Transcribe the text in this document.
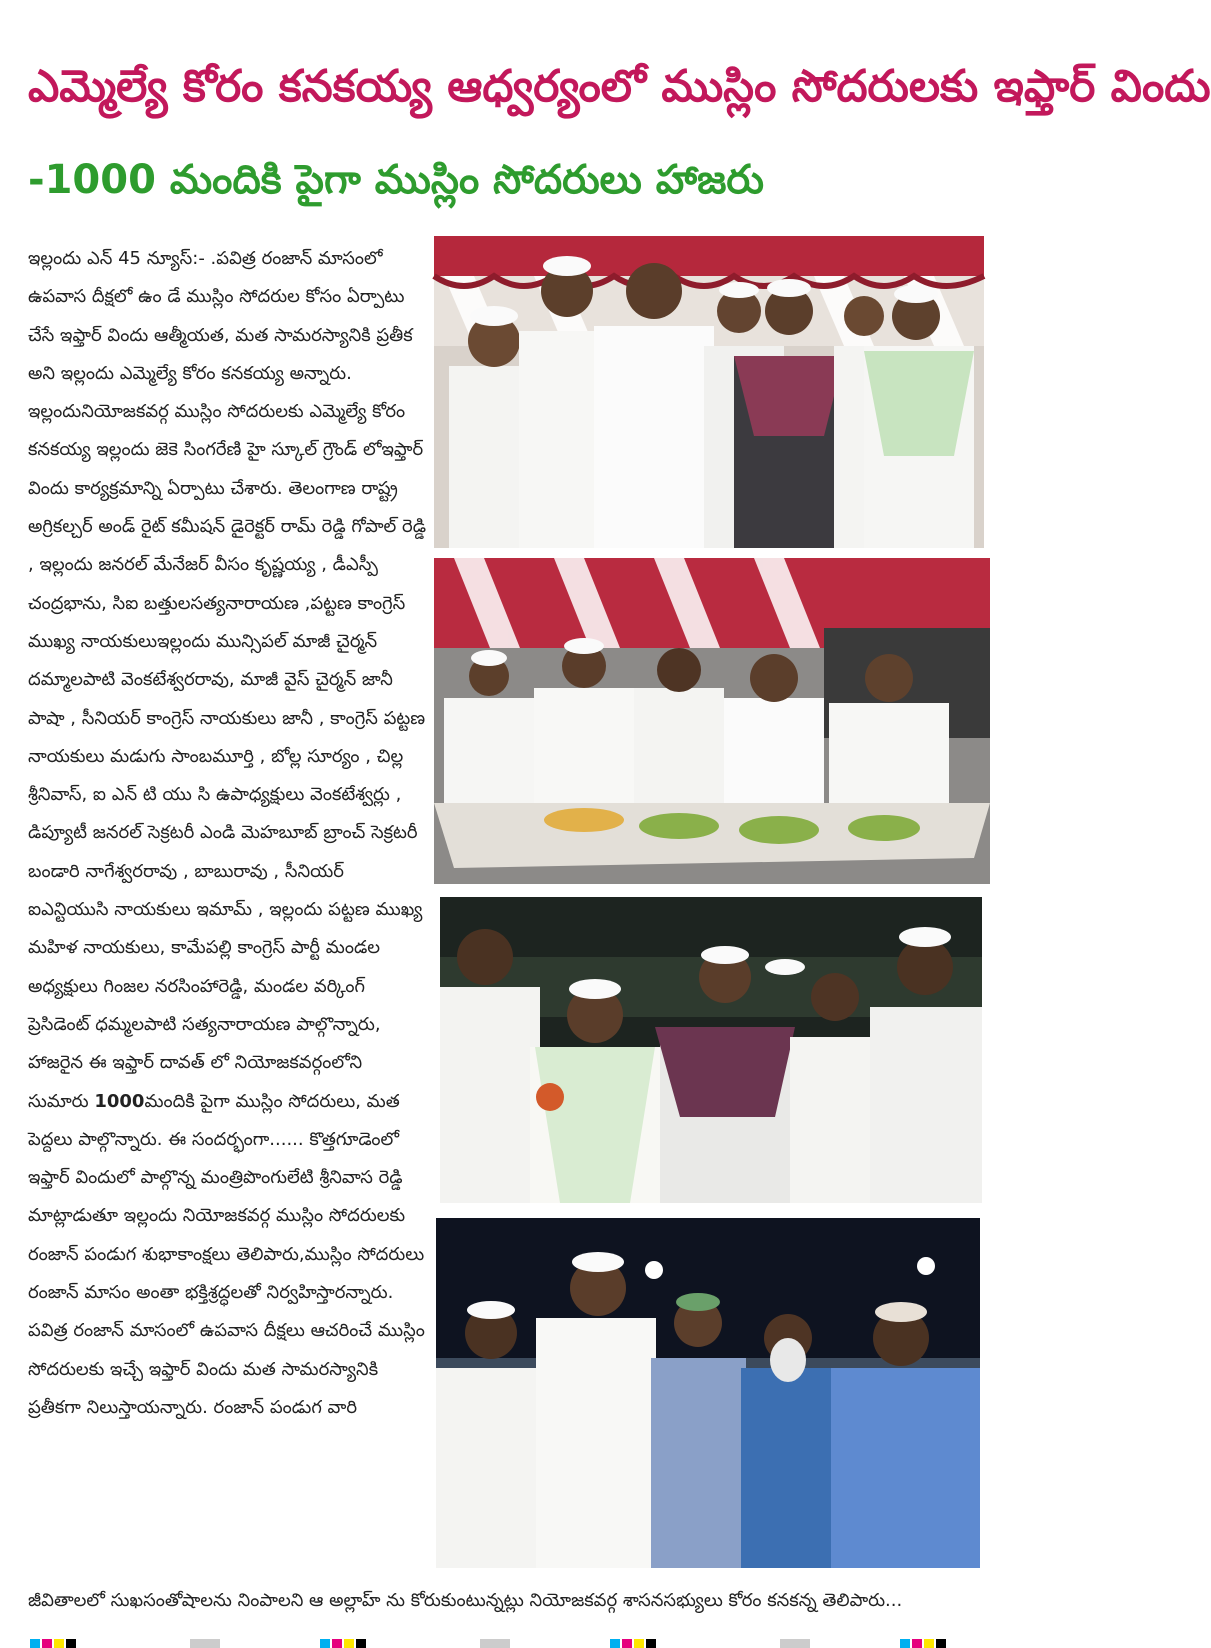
ఎమ్మెల్యే కోరం కనకయ్య ఆధ్వర్యంలో ముస్లిం సోదరులకు ఇఫ్తార్ విందు
-1000 మందికి పైగా ముస్లిం సోదరులు హాజరు

ఇల్లందు ఎన్ 45 న్యూస్:- .పవిత్ర రంజాన్ మాసంలో ఉపవాస దీక్షలో ఉం డే ముస్లిం సోదరుల కోసం ఏర్పాటు చేసే ఇఫ్తార్ విందు ఆత్మీయత, మత సామరస్యానికి ప్రతీక అని ఇల్లందు ఎమ్మెల్యే కోరం కనకయ్య అన్నారు. ఇల్లందునియోజకవర్గ ముస్లిం సోదరులకు ఎమ్మెల్యే కోరం కనకయ్య ఇల్లందు జెకె సింగరేణి హై స్కూల్ గ్రౌండ్ లోఇఫ్తార్ విందు కార్యక్రమాన్ని ఏర్పాటు చేశారు. తెలంగాణ రాష్ట్ర అగ్రికల్చర్ అండ్ రైట్ కమీషన్ డైరెక్టర్ రామ్ రెడ్డి గోపాల్ రెడ్డి , ఇల్లందు జనరల్ మేనేజర్ వీసం కృష్ణయ్య , డీఎస్పీ చంద్రభాను, సిఐ బత్తులసత్యనారాయణ ,పట్టణ కాంగ్రెస్ ముఖ్య నాయకులుఇల్లందు మున్సిపల్ మాజీ చైర్మన్ దమ్మాలపాటి వెంకటేశ్వరరావు, మాజీ వైస్ చైర్మన్ జానీ పాషా , సీనియర్ కాంగ్రెస్ నాయకులు జానీ , కాంగ్రెస్ పట్టణ నాయకులు మడుగు సాంబమూర్తి , బోల్ల సూర్యం , చిల్ల శ్రీనివాస్, ఐ ఎన్ టి యు సి ఉపాధ్యక్షులు వెంకటేశ్వర్లు , డిప్యూటీ జనరల్ సెక్రటరీ ఎండి మెహబూబ్ బ్రాంచ్ సెక్రటరీ బండారి నాగేశ్వరరావు , బాబురావు , సీనియర్ ఐఎన్టియుసి నాయకులు ఇమామ్ , ఇల్లందు పట్టణ ముఖ్య మహిళ నాయకులు, కామేపల్లి కాంగ్రెస్ పార్టీ మండల అధ్యక్షులు గింజల నరసింహారెడ్డి, మండల వర్కింగ్ ప్రెసిడెంట్ ధమ్మలపాటి సత్యనారాయణ పాల్గొన్నారు, హాజరైన ఈ ఇఫ్తార్ దావత్ లో నియోజకవర్గంలోని సుమారు 1000మందికి పైగా ముస్లిం సోదరులు, మత పెద్దలు పాల్గొన్నారు. ఈ సందర్భంగా...... కొత్తగూడెంలో ఇఫ్తార్ విందులో పాల్గొన్న మంత్రిపొంగులేటి శ్రీనివాస రెడ్డి మాట్లాడుతూ ఇల్లందు నియోజకవర్గ ముస్లిం సోదరులకు రంజాన్ పండుగ శుభాకాంక్షలు తెలిపారు,ముస్లిం సోదరులు రంజాన్ మాసం అంతా భక్తిశ్రద్ధలతో నిర్వహిస్తారన్నారు. పవిత్ర రంజాన్ మాసంలో ఉపవాస దీక్షలు ఆచరించే ముస్లిం సోదరులకు ఇచ్చే ఇఫ్తార్ విందు మత సామరస్యానికి ప్రతీకగా నిలుస్తాయన్నారు. రంజాన్ పండుగ వారి

జీవితాలలో సుఖసంతోషాలను నింపాలని ఆ అల్లాహ్ ను కోరుకుంటున్నట్లు నియోజకవర్గ శాసనసభ్యులు కోరం కనకన్న తెలిపారు...
